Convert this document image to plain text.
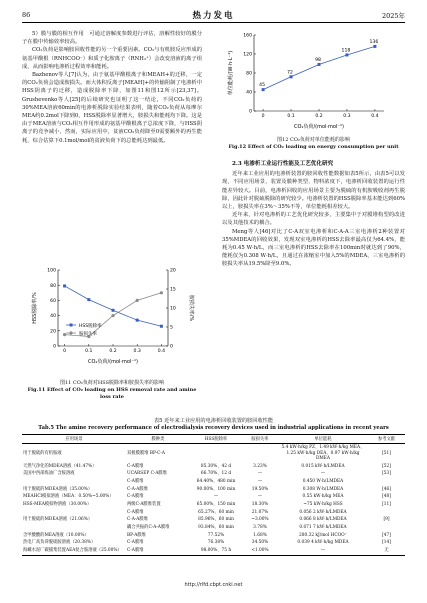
86	热力发电	2025年

5）膜与膜的相互作用　可通过溶解度参数进行评估，溶解性较好的膜分子在膜中传输效率较高。

CO₂负荷是影响胺回收性能的另一个重要因素。CO₂与有机胺反应形成的氨基甲酸根（RNHCOO⁻）和质子化胺离子（RNH₃⁺）会改变溶液的离子组成，从而影响电渗析过程效率和能耗。

Bazhenov等人[7]认为，由于氨基甲酸根离子和MEAH+的迁移，一定的CO₂负荷会造成胺损失。而大体积反离子[MEAH]+的传输阻制了电渗析中HSS阴离子的迁移，造成脱除率下降，如图11和图12所示[23,37]。Grushevenko等人[25]的后续研究也证明了这一结论，不同CO₂负荷的30%MEA溶液60min的电渗析脱除实验结果表明，随着CO₂负荷从每摩尔MEA约0.2mol下降到0，HSS脱除率显著增大，胺损失和能耗均下降。这是由于MEA溶液与CO₂相互作用形成的氨基甲酸根离子总浓度下降，与HSS阴离子的竞争减小，然而，实际应用中，贫液CO₂负荷降至0需要额外的再生能耗，综合估算下0.1mol/mol的贫液负荷下的总能耗达到最低。

HSS脱除率/%	胺损失率/%
CO₂负荷/(mol·mol⁻¹)
0	0.1	0.2	0.3	0.4
0
20
40
60
80
100
0
5
10
15
20
HSS脱除率
胺损失率
图11 CO₂负荷对HSS脱除率和胺损失率的影响
Fig.11 Effect of CO₂ loading on HSS removal rate and amine loss rate
单位能耗/(W·h·L⁻¹)
CO₂负荷/(mol·mol⁻¹)
0	0.1	0.2	0.3	0.4
0
40
80
120
160
45
72
98
118
136
图12 CO₂负荷对单位能耗的影响
Fig.12 Effect of CO₂ loading on energy consumption per unit

2.3 电渗析工业运行性能及工艺优化研究

近年来工业应用的电渗析装置的胺回收性能数据如表5所示，由表5可以发现，不同应用场景、装置及膜种类型、物料浓度下，电渗析回收装置的运行性能差异较大。目前，电渗析回收的应用场景主要为脱硫的有机胺吸收剂再生脱除，因此针对脱硫脱除的研究较少。电渗析装置的HSS脱除率基本能达到60%以上，胺损失率在3%～35%不等，单位能耗相差较大。

近年来，针对电渗析的工艺优化研究较多，主要集中于对膜堆构型的改进以及其他技术的耦合。

Meng等人[46]对比了C-A双室电渗析和C-A-A三室电渗析2种装置对35%MDEA的回收效果，发现双室电渗析的HSS去除率最高仅为64.4%，能耗为0.45 W·h/L，而三室电渗析的HSS去除率在100min时就达到了90%，能耗仅为0.308 W·h/L，且通过在浓缩室中加入5%的MDEA，三室电渗析的胺损失率从19.5%降至9.0%。

表5 近年来工业应用的电渗析回收装置的胺回收性能
Tab.5 The amine recovery performance of electrodialysis recovery devices used in industrial applications in recent years
应用场景	膜种类	HSS脱除率	胺损失率	单位能耗	参考文献
用于脱硫的有机胺液	双极膜膜堆 BP-C-A			5.4 kW·h/kg PZ、1.49 kW·h/kg MEA、1.25 kW·h/kg DEA、0.97 kW·h/kg DMEA	[51]
天然气净化的MDEA溶液（41.47%）	C-A膜堆	85.30%、42 d	3.23%	0.015 kW·h/LMDEA	[52]
美国中西部炼油厂含胺溶液	UCARSEP C-A膜堆	66.70%、12 d	—	—	[53]
	C-A膜堆	64.40%、480 min	—	0.450 W·h/LMDEA	
用于脱硫的MDEA溶液（35.00%）	C-A-A膜堆	90.00%、100 min	19.50%	0.308 W·h/LMDEA	[46]
MEAHCl模拟溶液（MEA：0.50%~5.00%）	C-A膜堆	—	—	0.55 kW·h/kg MEA	[48]
HSS-MEA模拟物溶液（30.00%）	两级C-A膜堆装置	65.00%、150 min	18.30%	~75 kW·h/kg HSS	[11]
	C-A膜堆	65.27%、60 min	21.07%	0.056 2 kW·h/LMDEA	
用于脱硫的MDEA溶液（21.06%）	C-A-A膜堆	85.96%、60 min	~3.00%	0.066 8 kW·h/LMDEA	[9]
	耦合共振的C-A-A膜堆	93.84%、60 min	3.78%	0.071 7 kW·h/LMDEA	
含甲酸酸的MEA溶液（10.00%）	BP-A膜堆	77.52%	1.68%	280.32 kJ/mol HCOO⁻	[47]
热电厂高负荷脱硫胺溶液（20.38%）	C-A膜堆	76.38%	34.50%	0.039 4 kW·h/kg MDEA	[14]
海螺水泥厂碳捕集装置AEA复合胺溶液（25.00%）	C-A膜堆	98.00%、75 h	<1.00%	—	无
http://rlfd.cbpt.cnki.net
